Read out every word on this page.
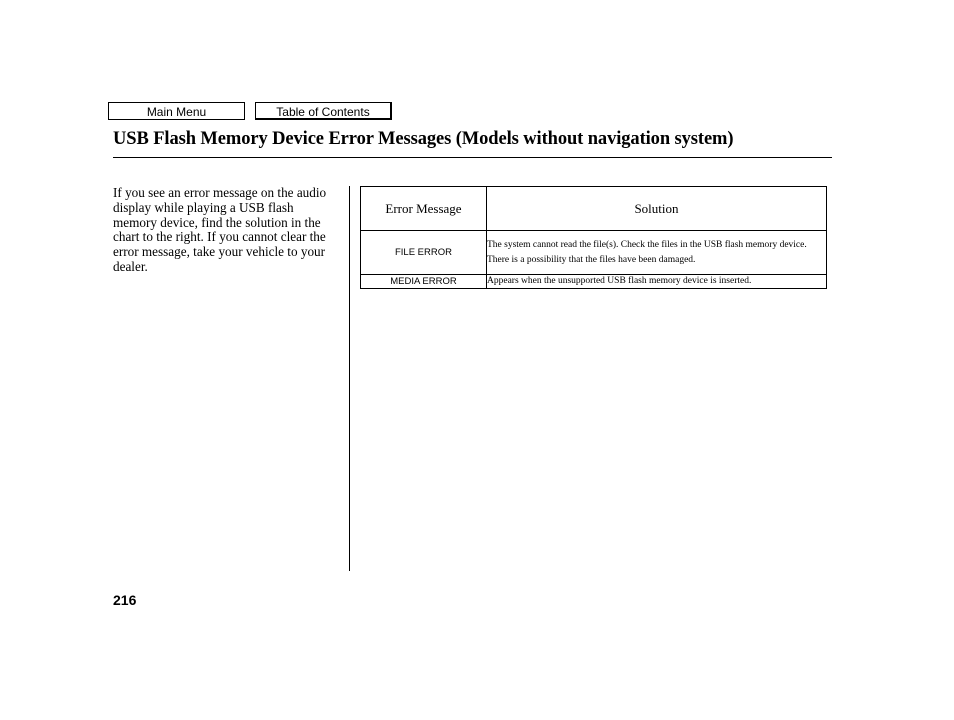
Main Menu	Table of Contents
USB Flash Memory Device Error Messages (Models without navigation system)

If you see an error message on the audio display while playing a USB flash memory device, find the solution in the chart to the right. If you cannot clear the error message, take your vehicle to your dealer.

Error Message	Solution
FILE ERROR	The system cannot read the file(s). Check the files in the USB flash memory device. There is a possibility that the files have been damaged.
MEDIA ERROR	Appears when the unsupported USB flash memory device is inserted.

216
